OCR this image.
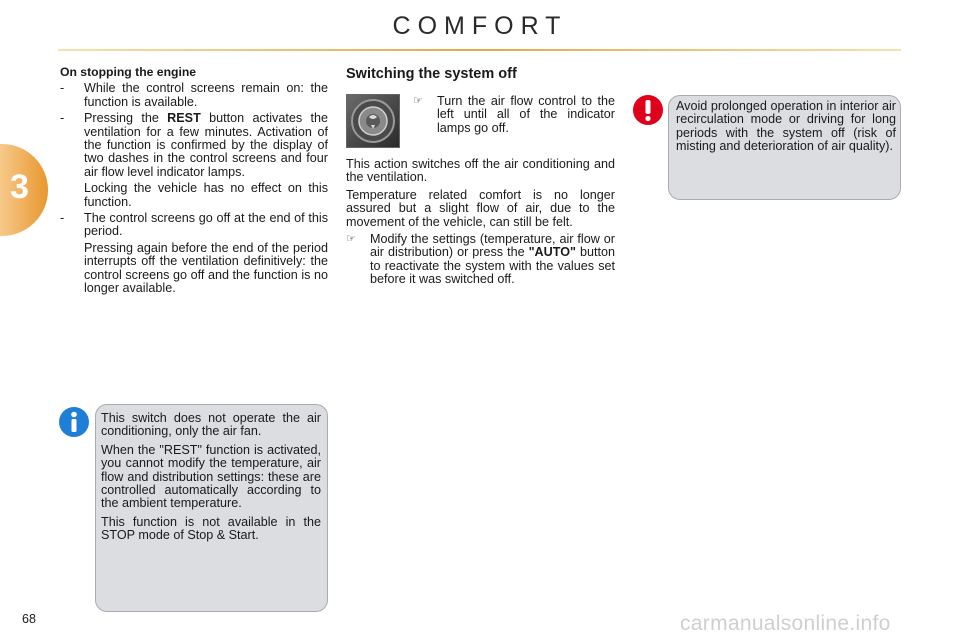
COMFORT
3
On stopping the engine
- While the control screens remain on: the function is available.

- Pressing the REST button activates the ventilation for a few minutes. Activation of the function is confirmed by the display of two dashes in the control screens and four air flow level indicator lamps.

Locking the vehicle has no effect on this function.

- The control screens go off at the end of this period.

Pressing again before the end of the period interrupts off the ventilation definitively: the control screens go off and the function is no longer available.

Switching the system off
☞ Turn the air flow control to the left until all of the indicator lamps go off.

This action switches off the air conditioning and the ventilation.

Temperature related comfort is no longer assured but a slight flow of air, due to the movement of the vehicle, can still be felt.

☞ Modify the settings (temperature, air flow or air distribution) or press the "AUTO" button to reactivate the system with the values set before it was switched off.
Avoid prolonged operation in interior air recirculation mode or driving for long periods with the system off (risk of misting and deterioration of air quality).

This switch does not operate the air conditioning, only the air fan.

When the "REST" function is activated, you cannot modify the temperature, air flow and distribution settings: these are controlled automatically according to the ambient temperature.

This function is not available in the STOP mode of Stop & Start.

68	carmanualsonline.info
